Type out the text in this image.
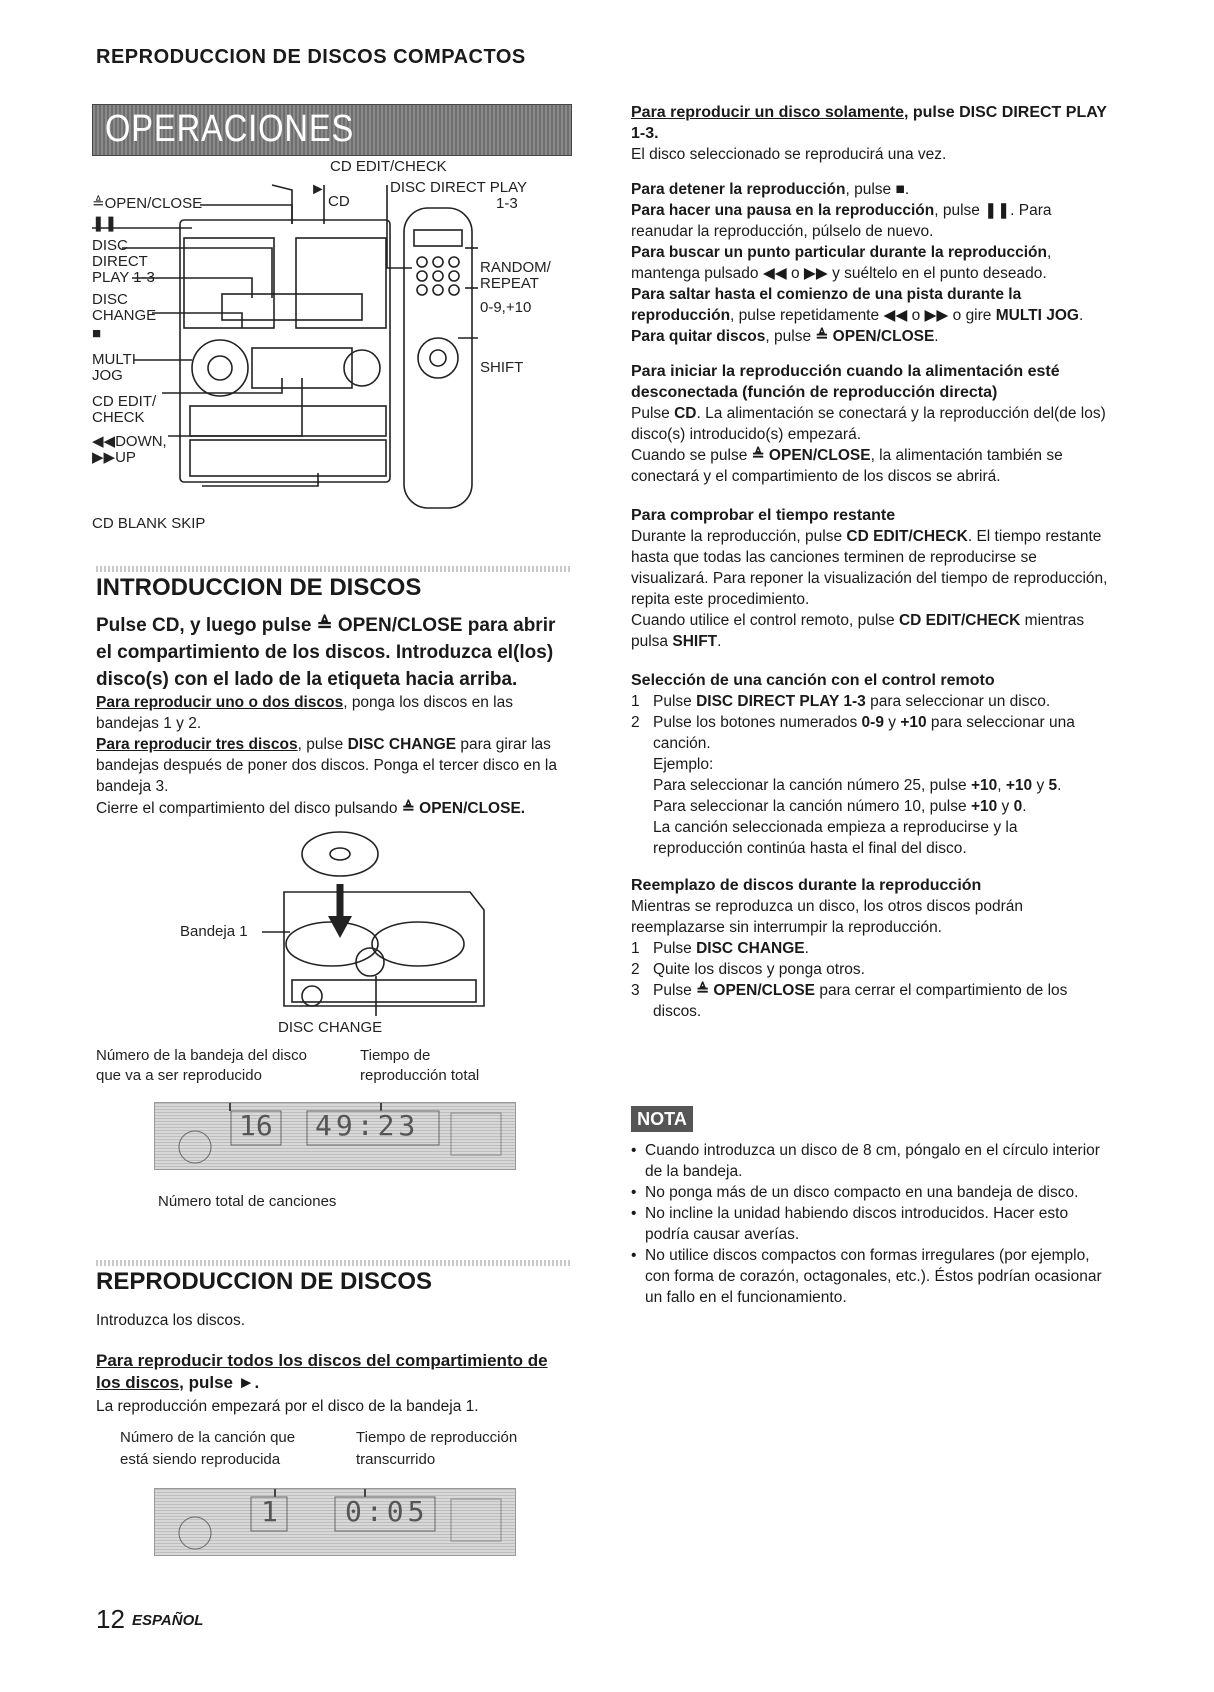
REPRODUCCION DE DISCOS COMPACTOS
OPERACIONES BASICAS	CD EDIT/CHECK
►
CD
DISC DIRECT PLAY
1-3
≜OPEN/CLOSE
❚❚
DISC
DIRECT
PLAY 1-3
DISC
CHANGE
■
MULTI
JOG
CD EDIT/
CHECK
◀◀DOWN,
▶▶UP
RANDOM/
REPEAT
0-9,+10
SHIFT
CD BLANK SKIP
INTRODUCCION DE DISCOS
Pulse CD, y luego pulse ≜ OPEN/CLOSE para abrir el compartimiento de los discos. Introduzca el(los) disco(s) con el lado de la etiqueta hacia arriba.
Para reproducir uno o dos discos, ponga los discos en las bandejas 1 y 2.
Para reproducir tres discos, pulse DISC CHANGE para girar las bandejas después de poner dos discos. Ponga el tercer disco en la bandeja 3.
Cierre el compartimiento del disco pulsando ≜ OPEN/CLOSE.
Bandeja 1
DISC CHANGE
Número de la bandeja del disco
que va a ser reproducido
Tiempo de
reproducción total
16 49:23
Número total de canciones
REPRODUCCION DE DISCOS
Introduzca los discos.
Para reproducir todos los discos del compartimiento de los discos, pulse ►.
La reproducción empezará por el disco de la bandeja 1.
Número de la canción que
está siendo reproducida
Tiempo de reproducción
transcurrido
1 0:05
12 ESPAÑOL
Para reproducir un disco solamente, pulse DISC DIRECT PLAY 1-3.
El disco seleccionado se reproducirá una vez.
Para detener la reproducción, pulse ■.
Para hacer una pausa en la reproducción, pulse ❚❚. Para reanudar la reproducción, púlselo de nuevo.
Para buscar un punto particular durante la reproducción, mantenga pulsado ◀◀ o ▶▶ y suéltelo en el punto deseado.
Para saltar hasta el comienzo de una pista durante la reproducción, pulse repetidamente ◀◀ o ▶▶ o gire MULTI JOG.
Para quitar discos, pulse ≜ OPEN/CLOSE.
Para iniciar la reproducción cuando la alimentación esté desconectada (función de reproducción directa)
Pulse CD. La alimentación se conectará y la reproducción del(de los) disco(s) introducido(s) empezará.
Cuando se pulse ≜ OPEN/CLOSE, la alimentación también se conectará y el compartimiento de los discos se abrirá.
Para comprobar el tiempo restante
Durante la reproducción, pulse CD EDIT/CHECK. El tiempo restante hasta que todas las canciones terminen de reproducirse se visualizará. Para reponer la visualización del tiempo de reproducción, repita este procedimiento.
Cuando utilice el control remoto, pulse CD EDIT/CHECK mientras pulsa SHIFT.
Selección de una canción con el control remoto
1 Pulse DISC DIRECT PLAY 1-3 para seleccionar un disco.
2 Pulse los botones numerados 0-9 y +10 para seleccionar una canción.
Ejemplo:
Para seleccionar la canción número 25, pulse +10, +10 y 5.
Para seleccionar la canción número 10, pulse +10 y 0.
La canción seleccionada empieza a reproducirse y la reproducción continúa hasta el final del disco.
Reemplazo de discos durante la reproducción
Mientras se reproduzca un disco, los otros discos podrán reemplazarse sin interrumpir la reproducción.
1 Pulse DISC CHANGE.
2 Quite los discos y ponga otros.
3 Pulse ≜ OPEN/CLOSE para cerrar el compartimiento de los discos.
NOTA
• Cuando introduzca un disco de 8 cm, póngalo en el círculo interior de la bandeja.
• No ponga más de un disco compacto en una bandeja de disco.
• No incline la unidad habiendo discos introducidos. Hacer esto podría causar averías.
• No utilice discos compactos con formas irregulares (por ejemplo, con forma de corazón, octagonales, etc.). Éstos podrían ocasionar un fallo en el funcionamiento.
